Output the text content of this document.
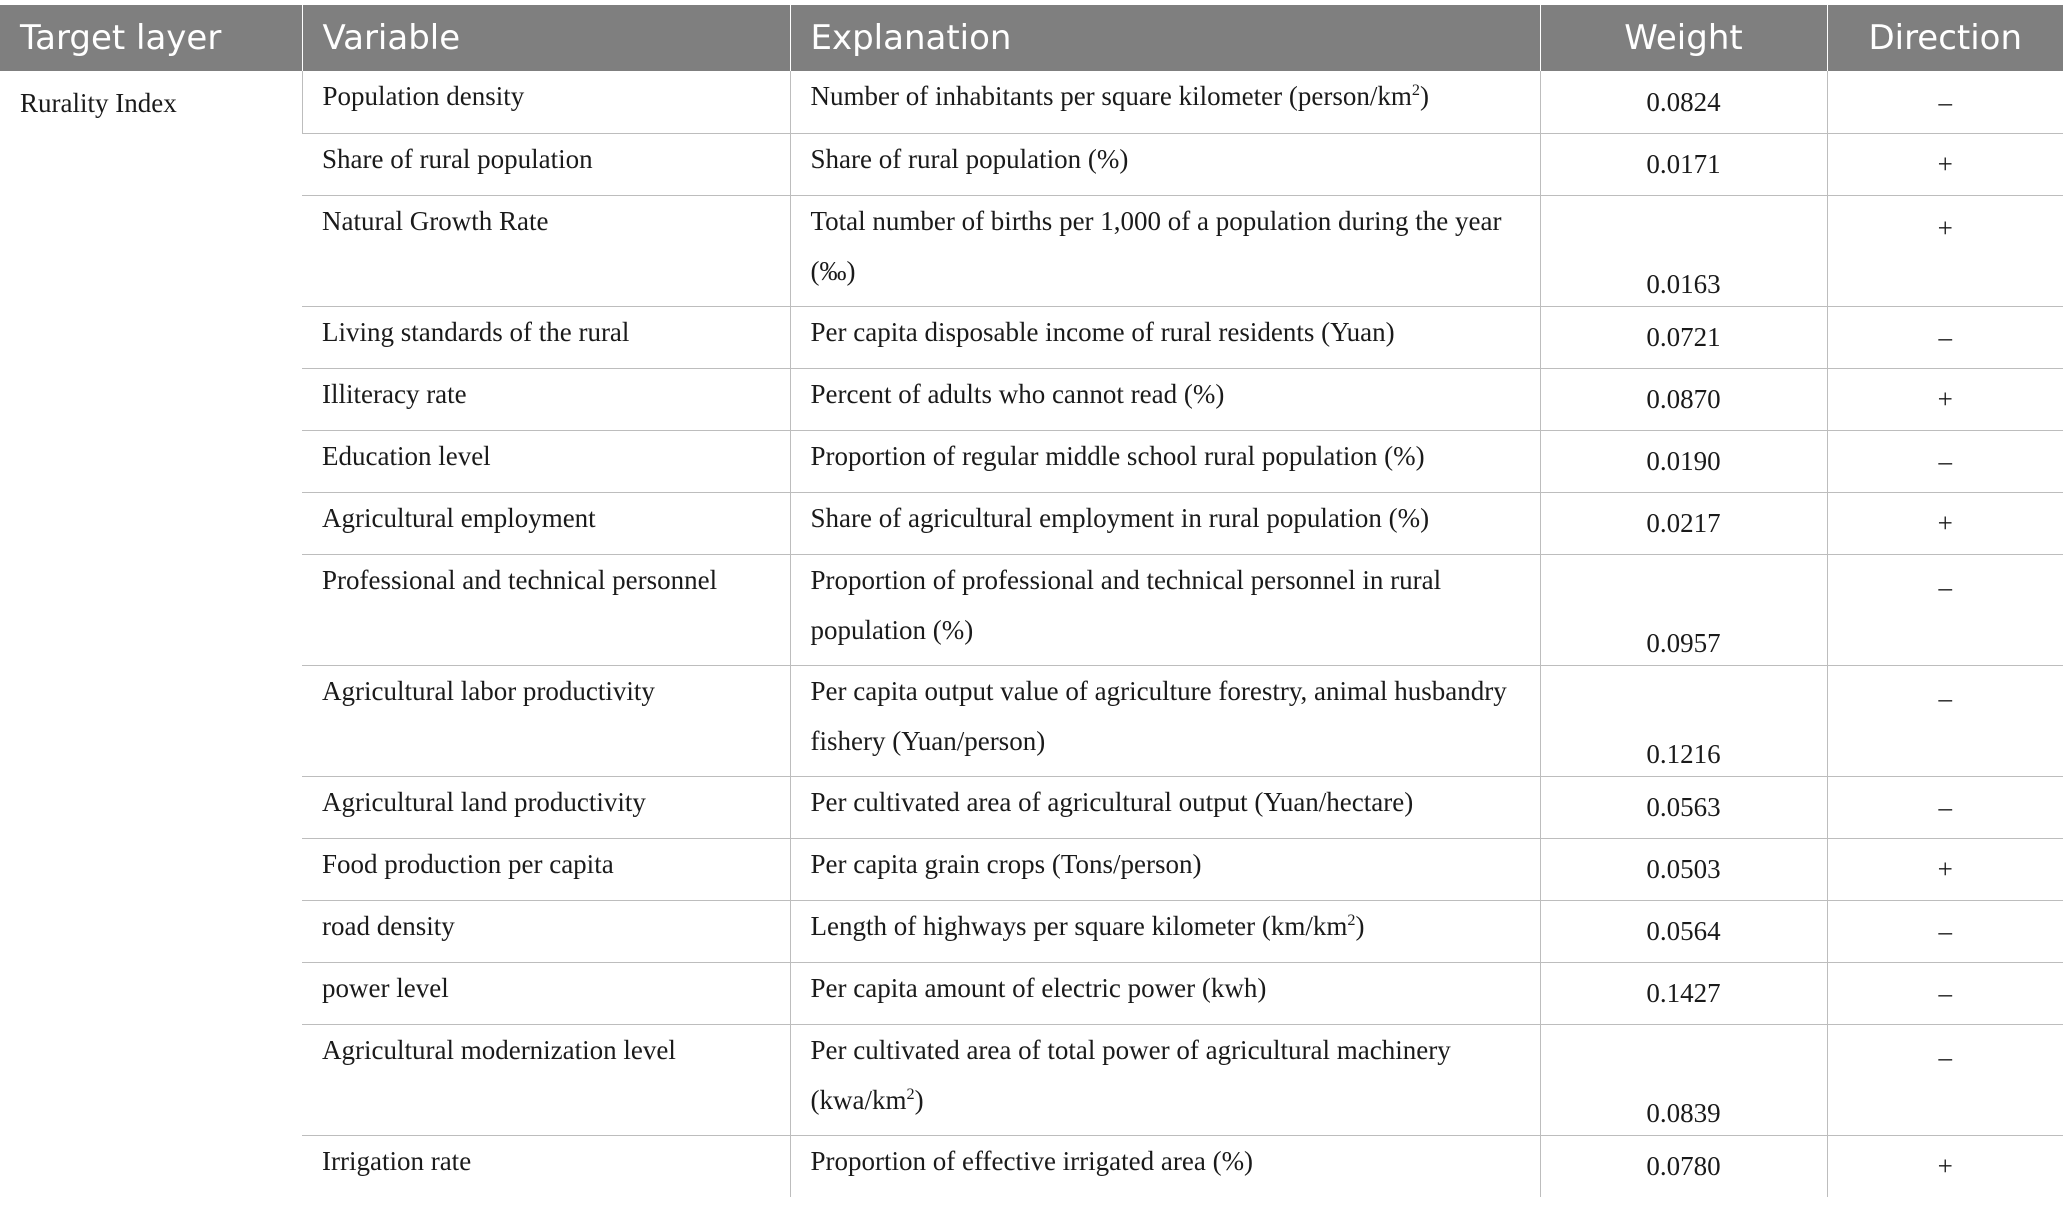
Target layer	Variable	Explanation	Weight	Direction
Rurality Index	Population density	Number of inhabitants per square kilometer $(person/km^2)$	0.0824	–
	Share of rural population	Share of rural population (%)	0.0171	+
	Natural Growth Rate	Total number of births per 1,000 of a population during the year (‰)	0.0163	+
	Living standards of the rural	Per capita disposable income of rural residents (Yuan)	0.0721	–
	Illiteracy rate	Percent of adults who cannot read (%)	0.0870	+
	Education level	Proportion of regular middle school rural population (%)	0.0190	–
	Agricultural employment	Share of agricultural employment in rural population (%)	0.0217	+
	Professional and technical personnel	Proportion of professional and technical personnel in rural population (%)	0.0957	–
	Agricultural labor productivity	Per capita output value of agriculture forestry, animal husbandry fishery (Yuan/person)	0.1216	–
	Agricultural land productivity	Per cultivated area of agricultural output (Yuan/hectare)	0.0563	–
	Food production per capita	Per capita grain crops (Tons/person)	0.0503	+
	road density	Length of highways per square kilometer $(km/km^2)$	0.0564	–
	power level	Per capita amount of electric power (kwh)	0.1427	–
	Agricultural modernization level	Per cultivated area of total power of agricultural machinery $(kwa/km^2)$	0.0839	–
	Irrigation rate	Proportion of effective irrigated area (%)	0.0780	+
